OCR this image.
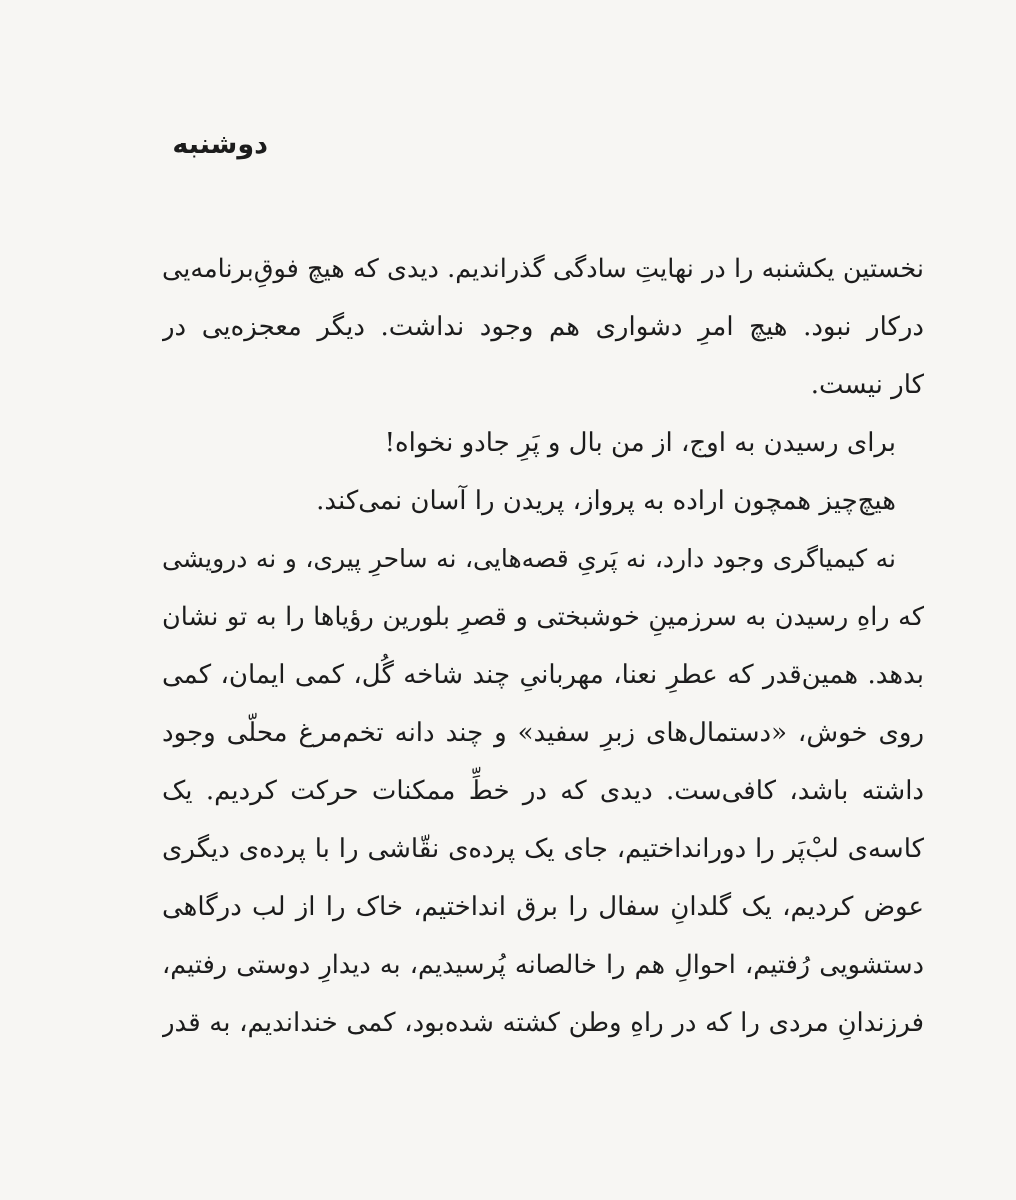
دوشنبه
نخستین یکشنبه را در نهایتِ سادگی گذراندیم. دیدی که هیچ فوقِ‌برنامه‌یی
درکار نبود. هیچ امرِ دشواری هم وجود نداشت. دیگر معجزه‌یی در
کار نیست.
برای رسیدن به اوج، از من بال و پَرِ جادو نخواه!
هیچ‌چیز همچون اراده به پرواز، پریدن را آسان نمی‌کند.
نه کیمیاگری وجود دارد، نه پَریِ قصه‌هایی، نه ساحرِ پیری، و نه درویشی
که راهِ رسیدن به سرزمینِ خوشبختی و قصرِ بلورین رؤیاها را به تو نشان
بدهد. همین‌قدر که عطرِ نعنا، مهربانیِ چند شاخه گُل، کمی ایمان، کمی
روی خوش، «دستمال‌های زبرِ سفید» و چند دانه تخم‌مرغ محلّی وجود
داشته باشد، کافی‌ست. دیدی که در خطِّ ممکنات حرکت کردیم. یک
کاسه‌ی لبْ‌پَر را دورانداختیم، جای یک پرده‌ی نقّاشی را با پرده‌ی دیگری
عوض کردیم، یک گلدانِ سفال را برق انداختیم، خاک را از لب درگاهی
دستشویی رُفتیم، احوالِ هم را خالصانه پُرسیدیم، به دیدارِ دوستی رفتیم،
فرزندانِ مردی را که در راهِ وطن کشته شده‌بود، کمی خنداندیم، به قدر
